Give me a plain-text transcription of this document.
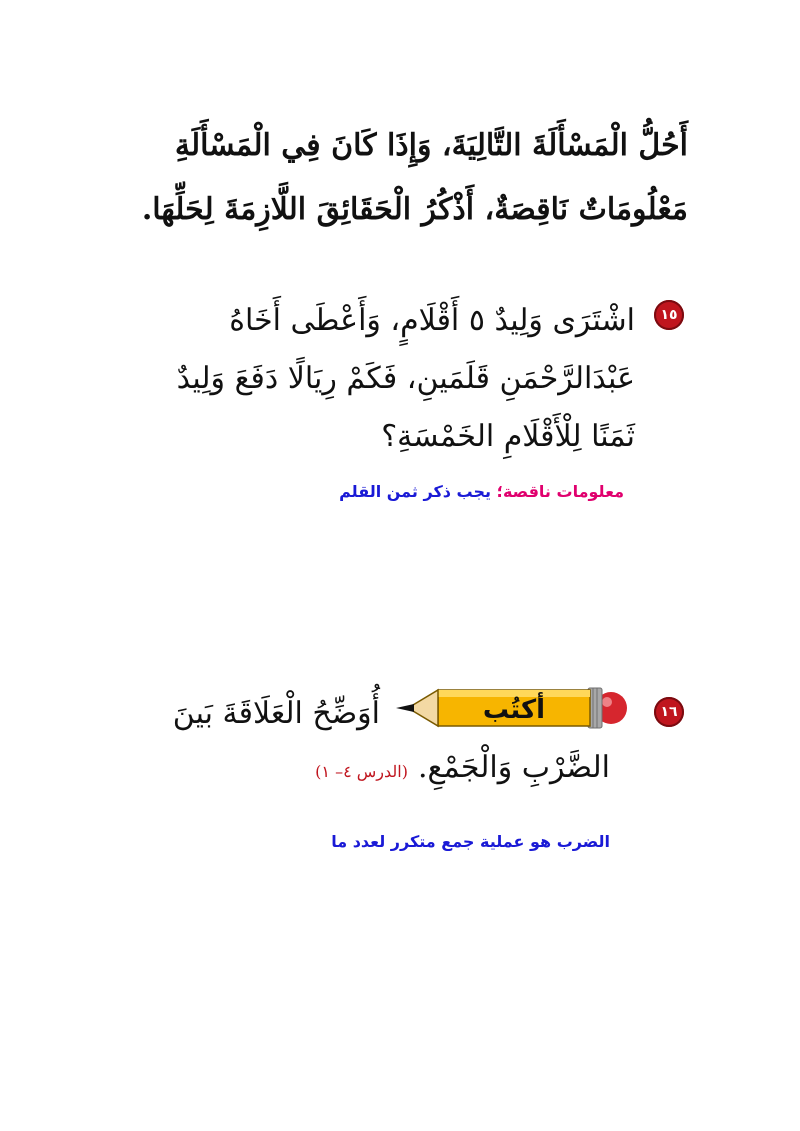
أَحُلُّ الْمَسْأَلَةَ التَّالِيَةَ، وَإِذَا كَانَ فِي الْمَسْأَلَةِ مَعْلُومَاتٌ نَاقِصَةٌ، أَذْكُرُ الْحَقَائِقَ اللَّازِمَةَ لِحَلِّهَا.
١٥
اشْتَرَى وَلِيدٌ ٥ أَقْلَامٍ، وَأَعْطَى أَخَاهُ عَبْدَالرَّحْمَنِ قَلَمَينِ، فَكَمْ رِيَالًا دَفَعَ وَلِيدٌ ثَمَنًا لِلْأَقْلَامِ الخَمْسَةِ؟
معلومات ناقصة؛ يجب ذكر ثمن القلم
١٦
أكتُب
أُوَضِّحُ الْعَلَاقَةَ بَينَ
الضَّرْبِ وَالْجَمْعِ.(الدرس ٤– ١)
الضرب هو عملية جمع متكرر لعدد ما
